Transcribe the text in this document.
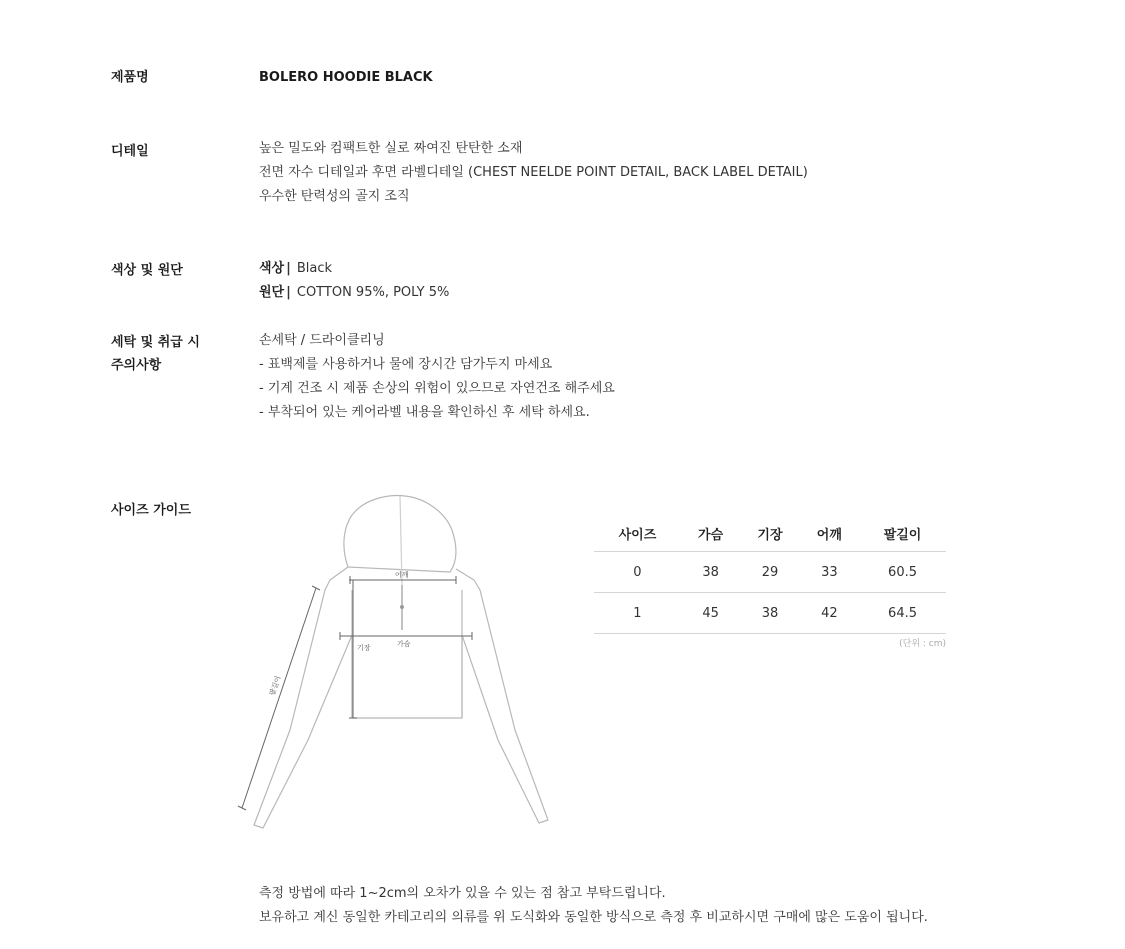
제품명	BOLERO HOODIE BLACK
디테일	높은 밀도와 컴팩트한 실로 짜여진 탄탄한 소재
전면 자수 디테일과 후면 라벨디테일 (CHEST NEELDE POINT DETAIL, BACK LABEL DETAIL)
우수한 탄력성의 골지 조직
색상 및 원단	색상 | Black
원단 | COTTON 95%, POLY 5%
세탁 및 취급 시
주의사항
손세탁 / 드라이클리닝
- 표백제를 사용하거나 물에 장시간 담가두지 마세요
- 기계 건조 시 제품 손상의 위험이 있으므로 자연건조 해주세요
- 부착되어 있는 케어라벨 내용을 확인하신 후 세탁 하세요.
사이즈 가이드
어깨
가슴
기장
팔길이
사이즈	가슴	기장	어깨	팔길이
0	38	29	33	60.5
1	45	38	42	64.5
(단위 : cm)
측정 방법에 따라 1~2cm의 오차가 있을 수 있는 점 참고 부탁드립니다.
보유하고 계신 동일한 카테고리의 의류를 위 도식화와 동일한 방식으로 측정 후 비교하시면 구매에 많은 도움이 됩니다.
